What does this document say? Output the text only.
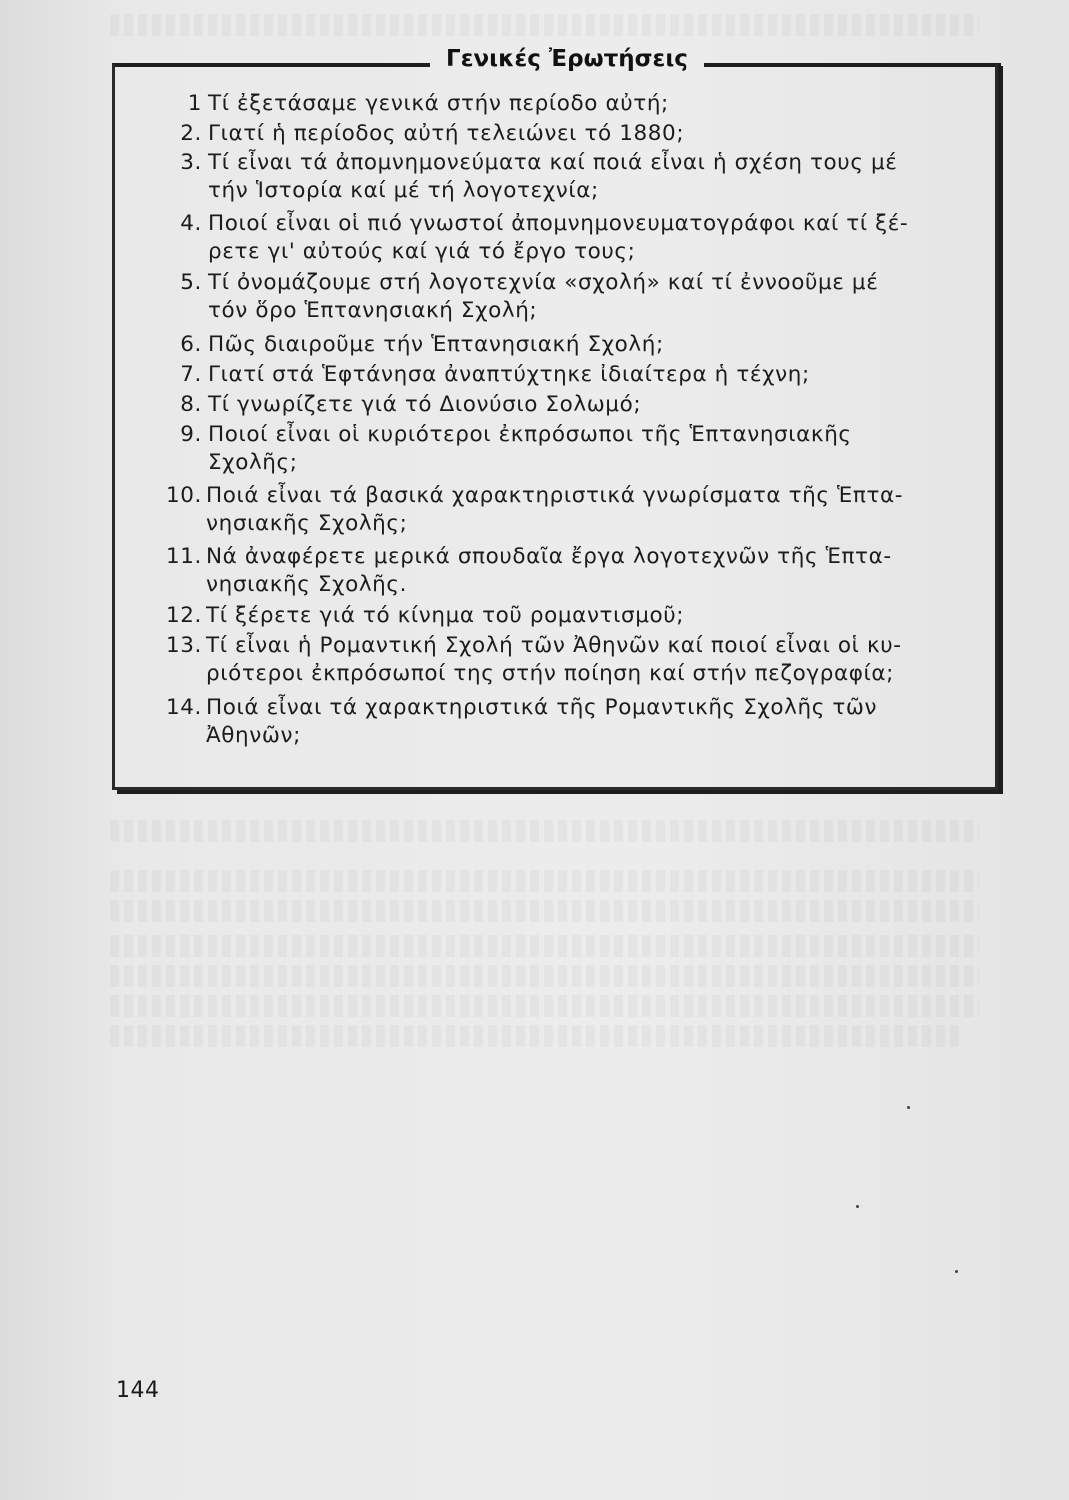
Γενικές Ἐρωτήσεις
1 Τί ἐξετάσαμε γενικά στήν περίοδο αὐτή;
2. Γιατί ἡ περίοδος αὐτή τελειώνει τό 1880;
3. Τί εἶναι τά ἀπομνημονεύματα καί ποιά εἶναι ἡ σχέση τους μέ
τήν Ἱστορία καί μέ τή λογοτεχνία;
4. Ποιοί εἶναι οἱ πιό γνωστοί ἀπομνημονευματογράφοι καί τί ξέ-
ρετε γι' αὐτούς καί γιά τό ἔργο τους;
5. Τί ὀνομάζουμε στή λογοτεχνία «σχολή» καί τί ἐννοοῦμε μέ
τόν ὅρο Ἑπτανησιακή Σχολή;
6. Πῶς διαιροῦμε τήν Ἑπτανησιακή Σχολή;
7. Γιατί στά Ἑφτάνησα ἀναπτύχτηκε ἰδιαίτερα ἡ τέχνη;
8. Τί γνωρίζετε γιά τό Διονύσιο Σολωμό;
9. Ποιοί εἶναι οἱ κυριότεροι ἐκπρόσωποι τῆς Ἑπτανησιακῆς
Σχολῆς;
10. Ποιά εἶναι τά βασικά χαρακτηριστικά γνωρίσματα τῆς Ἑπτα-
νησιακῆς Σχολῆς;
11. Νά ἀναφέρετε μερικά σπουδαῖα ἔργα λογοτεχνῶν τῆς Ἑπτα-
νησιακῆς Σχολῆς.
12. Τί ξέρετε γιά τό κίνημα τοῦ ρομαντισμοῦ;
13. Τί εἶναι ἡ Ρομαντική Σχολή τῶν Ἀθηνῶν καί ποιοί εἶναι οἱ κυ-
ριότεροι ἐκπρόσωποί της στήν ποίηση καί στήν πεζογραφία;
14. Ποιά εἶναι τά χαρακτηριστικά τῆς Ρομαντικῆς Σχολῆς τῶν
Ἀθηνῶν;
144
